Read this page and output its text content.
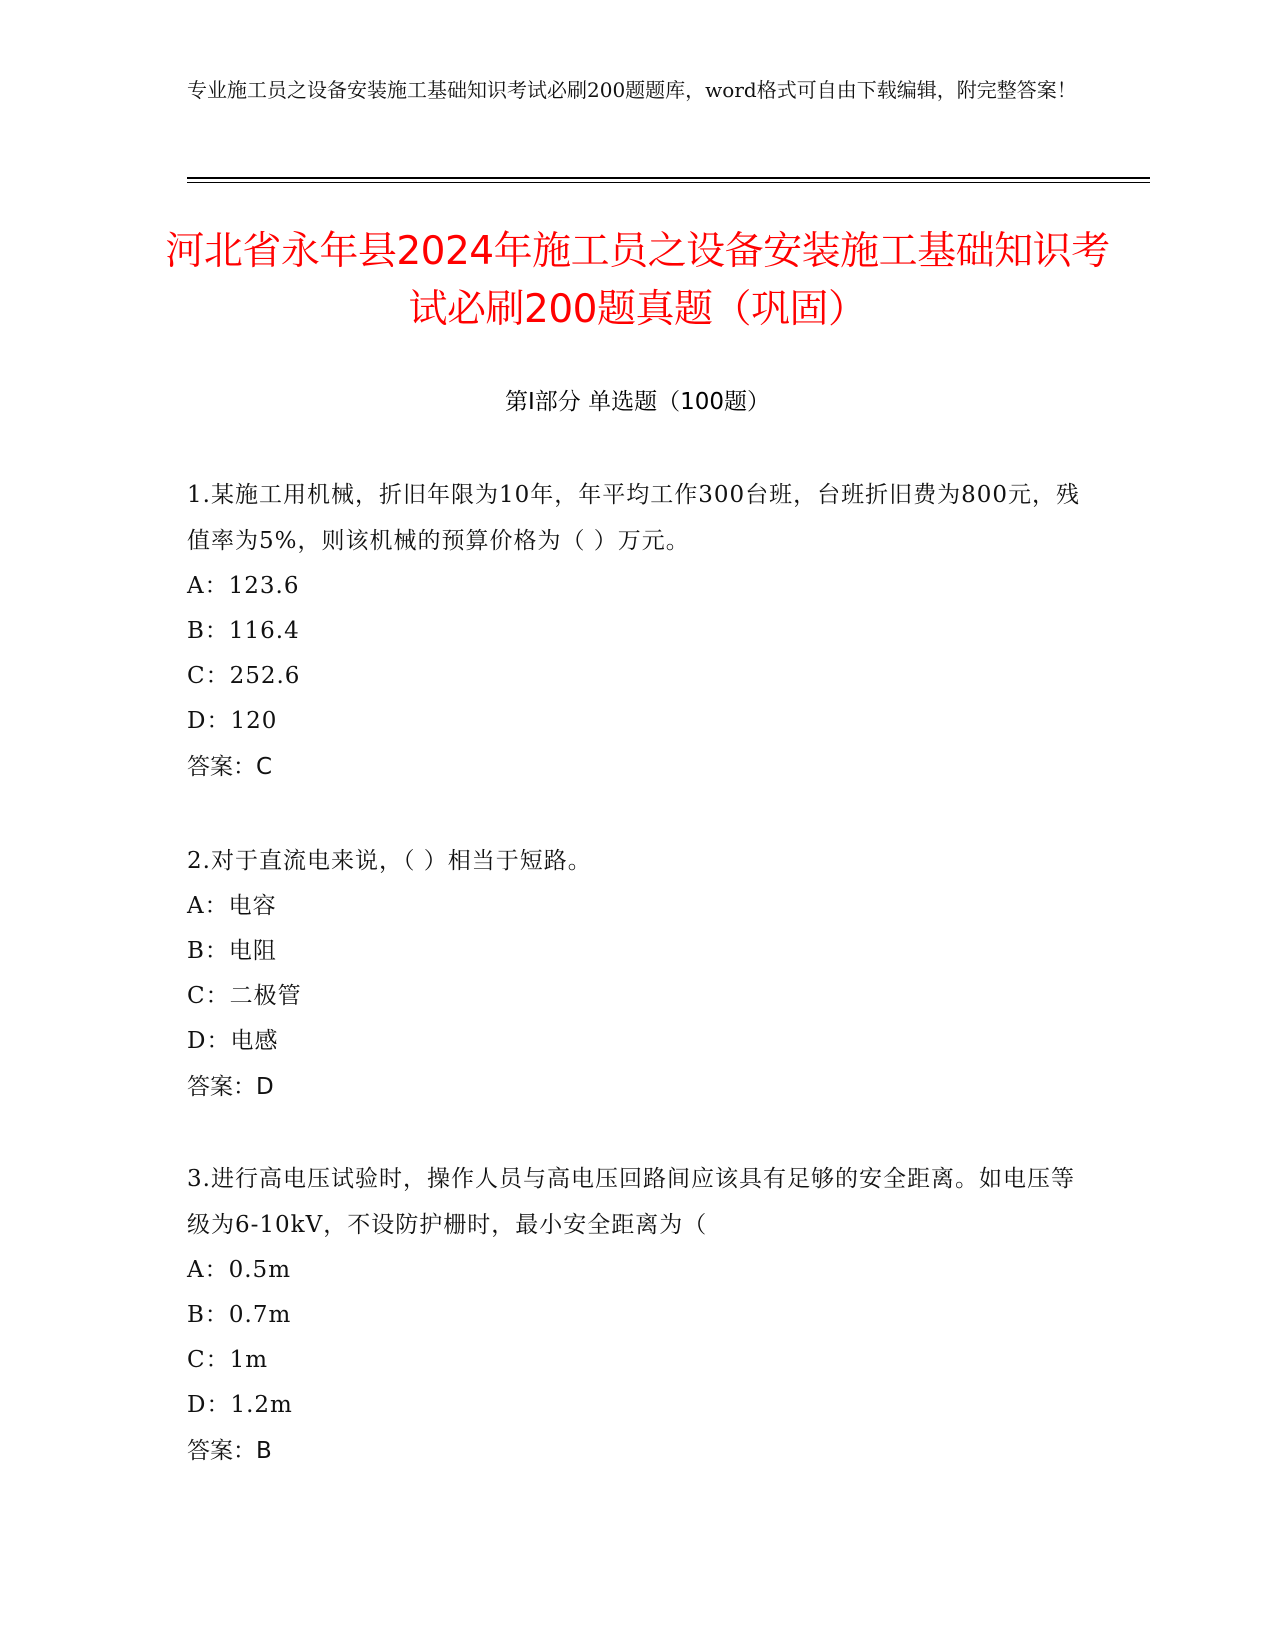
专业施工员之设备安装施工基础知识考试必刷200题题库，word格式可自由下载编辑，附完整答案！
河北省永年县2024年施工员之设备安装施工基础知识考试必刷200题真题（巩固）
第I部分 单选题（100题）
1.某施工用机械，折旧年限为10年，年平均工作300台班，台班折旧费为800元，残值率为5%，则该机械的预算价格为（ ）万元。
A：123.6
B：116.4
C：252.6
D：120
答案：C
2.对于直流电来说，（ ）相当于短路。
A：电容
B：电阻
C：二极管
D：电感
答案：D
3.进行高电压试验时，操作人员与高电压回路间应该具有足够的安全距离。如电压等级为6-10kV，不设防护栅时，最小安全距离为（
A：0.5m
B：0.7m
C：1m
D：1.2m
答案：B
